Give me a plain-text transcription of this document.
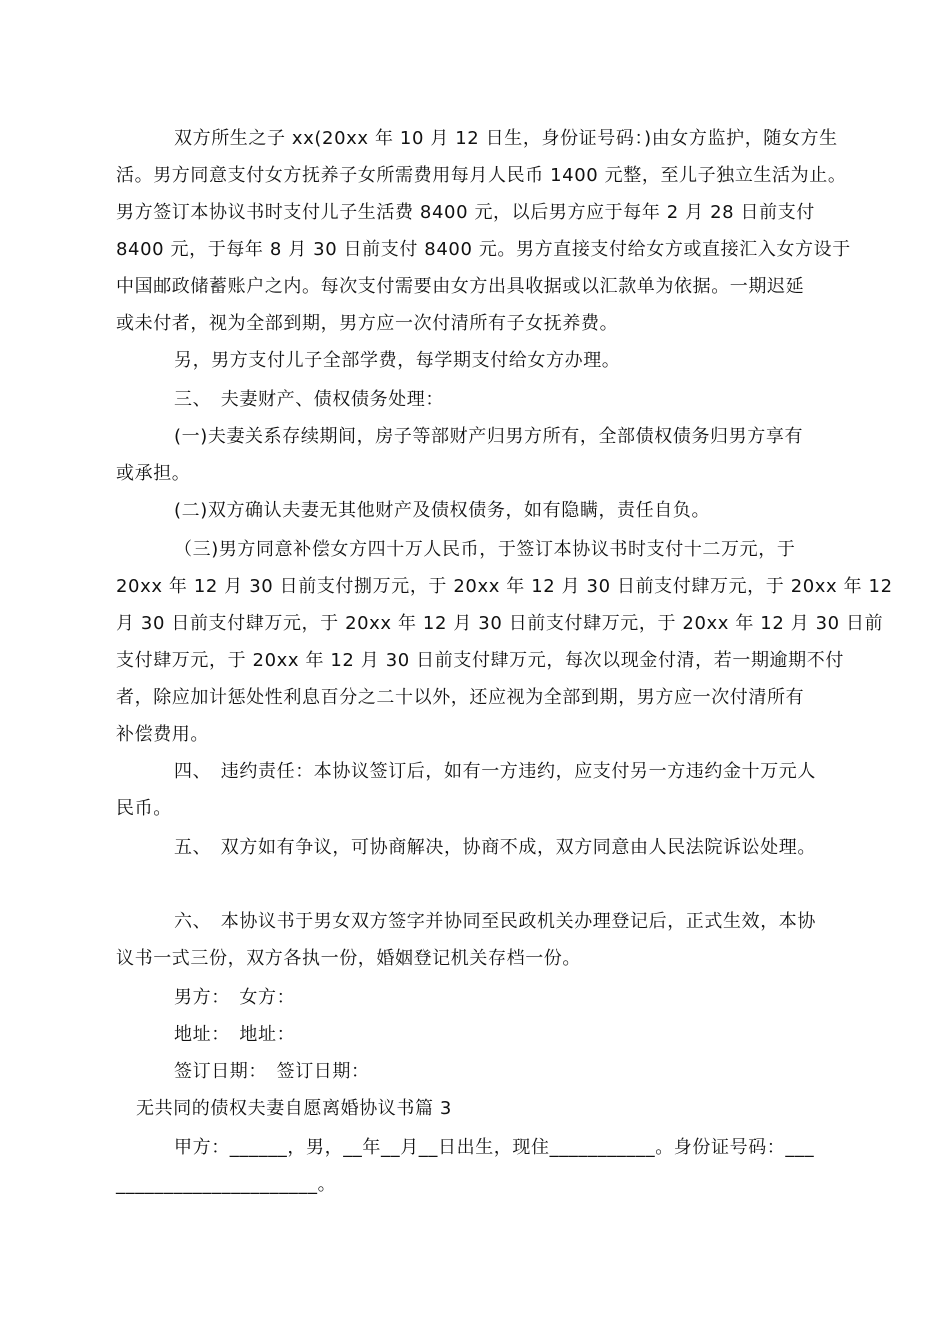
双方所生之子 xx(20xx 年 10 月 12 日生，身份证号码：)由女方监护，随女方生
活。男方同意支付女方抚养子女所需费用每月人民币 1400 元整，至儿子独立生活为止。
男方签订本协议书时支付儿子生活费 8400 元，以后男方应于每年 2 月 28 日前支付
8400 元，于每年 8 月 30 日前支付 8400 元。男方直接支付给女方或直接汇入女方设于
中国邮政储蓄账户之内。每次支付需要由女方出具收据或以汇款单为依据。一期迟延
或未付者，视为全部到期，男方应一次付清所有子女抚养费。
另，男方支付儿子全部学费，每学期支付给女方办理。
三、　夫妻财产、债权债务处理：
(一)夫妻关系存续期间，房子等部财产归男方所有，全部债权债务归男方享有
或承担。
(二)双方确认夫妻无其他财产及债权债务，如有隐瞒，责任自负。
（三)男方同意补偿女方四十万人民币，于签订本协议书时支付十二万元，于
20xx 年 12 月 30 日前支付捌万元，于 20xx 年 12 月 30 日前支付肆万元，于 20xx 年 12
月 30 日前支付肆万元，于 20xx 年 12 月 30 日前支付肆万元，于 20xx 年 12 月 30 日前
支付肆万元，于 20xx 年 12 月 30 日前支付肆万元，每次以现金付清，若一期逾期不付
者，除应加计惩处性利息百分之二十以外，还应视为全部到期，男方应一次付清所有
补偿费用。
四、　违约责任：本协议签订后，如有一方违约，应支付另一方违约金十万元人
民币。
五、　双方如有争议，可协商解决，协商不成，双方同意由人民法院诉讼处理。
六、　本协议书于男女双方签字并协同至民政机关办理登记后，正式生效，本协
议书一式三份，双方各执一份，婚姻登记机关存档一份。
男方：　女方：
地址：　地址：
签订日期：　签订日期：
无共同的债权夫妻自愿离婚协议书篇 3
甲方：______，男，__年__月__日出生，现住___________。身份证号码：___
_____________________。
